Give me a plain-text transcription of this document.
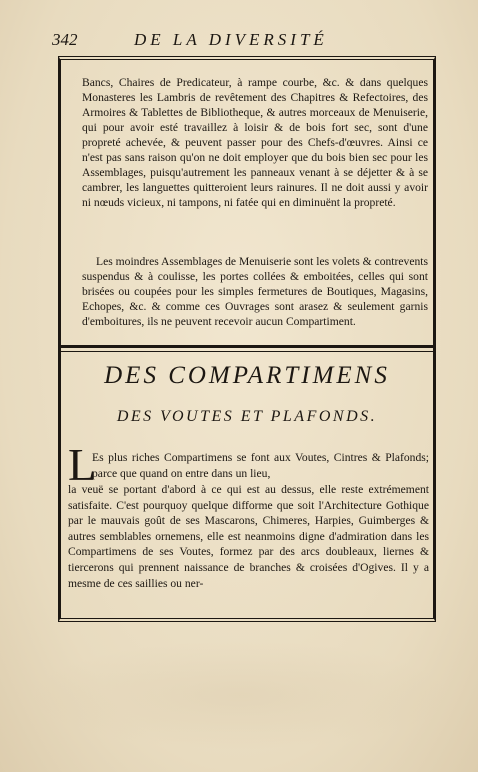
342	DE LA DIVERSITÉ
Bancs, Chaires de Predicateur, à rampe courbe, &c. & dans quelques Monasteres les Lambris de revêtement des Chapitres & Refectoires, des Armoires & Tablettes de Bibliotheque, & autres morceaux de Menuiserie, qui pour avoir esté travaillez à loisir & de bois fort sec, sont d'une propreté achevée, & peuvent passer pour des Chefs-d'œuvres. Ainsi ce n'est pas sans raison qu'on ne doit employer que du bois bien sec pour les Assemblages, puisqu'autrement les panneaux venant à se déjetter & à se cambrer, les languettes quitteroient leurs rainures. Il ne doit aussi y avoir ni nœuds vicieux, ni tampons, ni fatée qui en diminuënt la propreté.
Les moindres Assemblages de Menuiserie sont les volets & contrevents suspendus & à coulisse, les portes collées & emboitées, celles qui sont brisées ou coupées pour les simples fermetures de Boutiques, Magasins, Echopes, &c. & comme ces Ouvrages sont arasez & seulement garnis d'emboitures, ils ne peuvent recevoir aucun Compartiment.
DES COMPARTIMENS
DES VOUTES ET PLAFONDS.
L
Es plus riches Compartimens se font aux Voutes, Cintres & Plafonds; parce que quand on entre dans un lieu,
la veuë se portant d'abord à ce qui est au dessus, elle reste extrémement satisfaite. C'est pourquoy quelque difforme que soit l'Architecture Gothique par le mauvais goût de ses Mascarons, Chimeres, Harpies, Guimberges & autres semblables ornemens, elle est neanmoins digne d'admiration dans les Compartimens de ses Voutes, formez par des arcs doubleaux, liernes & tiercerons qui prennent naissance de branches & croisées d'Ogives. Il y a mesme de ces saillies ou ner-
